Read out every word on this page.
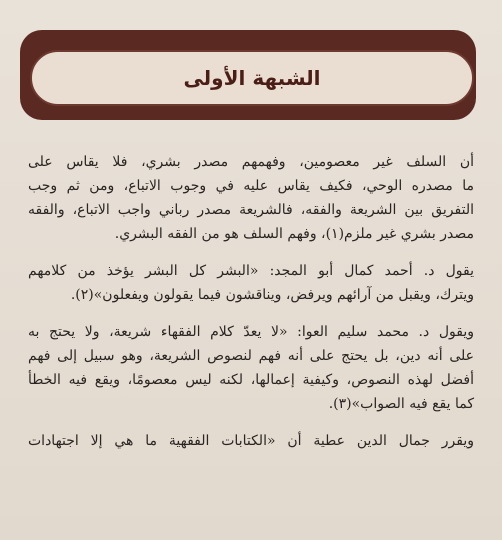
الشبهة الأولى

أن السلف غير معصومين، وفهمهم مصدر بشري، فلا يقاس على
ما مصدره الوحي، فكيف يقاس عليه في وجوب الاتباع، ومن ثم وجب
التفريق بين الشريعة والفقه، فالشريعة مصدر رباني واجب الاتباع، والفقه
مصدر بشري غير ملزم(١)، وفهم السلف هو من الفقه البشري.

يقول د. أحمد كمال أبو المجد: «البشر كل البشر يؤخذ من كلامهم
ويترك، ويقبل من آرائهم ويرفض، ويناقشون فيما يقولون ويفعلون»(٢).

ويقول د. محمد سليم العوا: «لا يعدّ كلام الفقهاء شريعة، ولا يحتج به
على أنه دين، بل يحتج على أنه فهم لنصوص الشريعة، وهو سبيل إلى فهم
أفضل لهذه النصوص، وكيفية إعمالها، لكنه ليس معصومًا، ويقع فيه الخطأ
كما يقع فيه الصواب»(٣).

ويقرر جمال الدين عطية أن «الكتابات الفقهية ما هي إلا اجتهادات
